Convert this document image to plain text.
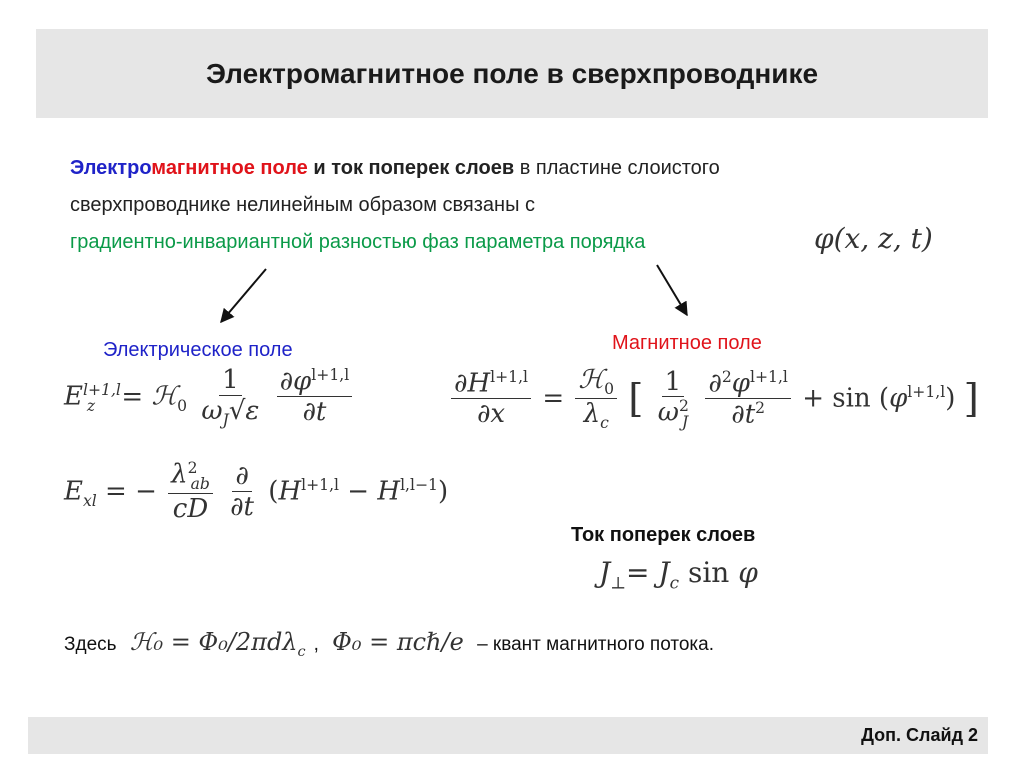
Электромагнитное поле в сверхпроводнике
Электромагнитное поле и ток поперек слоев в пластине слоистого
сверхпроводнике нелинейным образом связаны с
градиентно-инвариантной разностью фаз параметра порядка	φ(x, z, t)
Электрическое поле	Магнитное поле
$E^{l+1,l}_z$ = ℋ$_0$ $\frac{1}{\omega_J√\varepsilon}$
$\frac{\partial\varphi^{l+1,l}}{\partial t}$	$\frac{\partial H^{l+1,l}}{\partial x} = \frac{ℋ_0}{\lambda_c}$ [ $\frac{1}{\omega^2_J}$
$\frac{\partial^2\varphi^{l+1,l}}{\partial t^2} + \sin (\varphi^{l+1,l})$ ]
$E_{xl}$ = − $\frac{\lambda^2_{ab}}{cD}$
$\frac{\partial}{\partial t} (H^{l+1,l} - H^{l,l-1})$
Ток поперек слоев
$J_\perp= J_c$ sin φ
Здесь ℋ₀ = Φ₀/2πdλ$_c$ , Φ₀ = πcℏ/e – квант магнитного потока.
Доп. Слайд 2
